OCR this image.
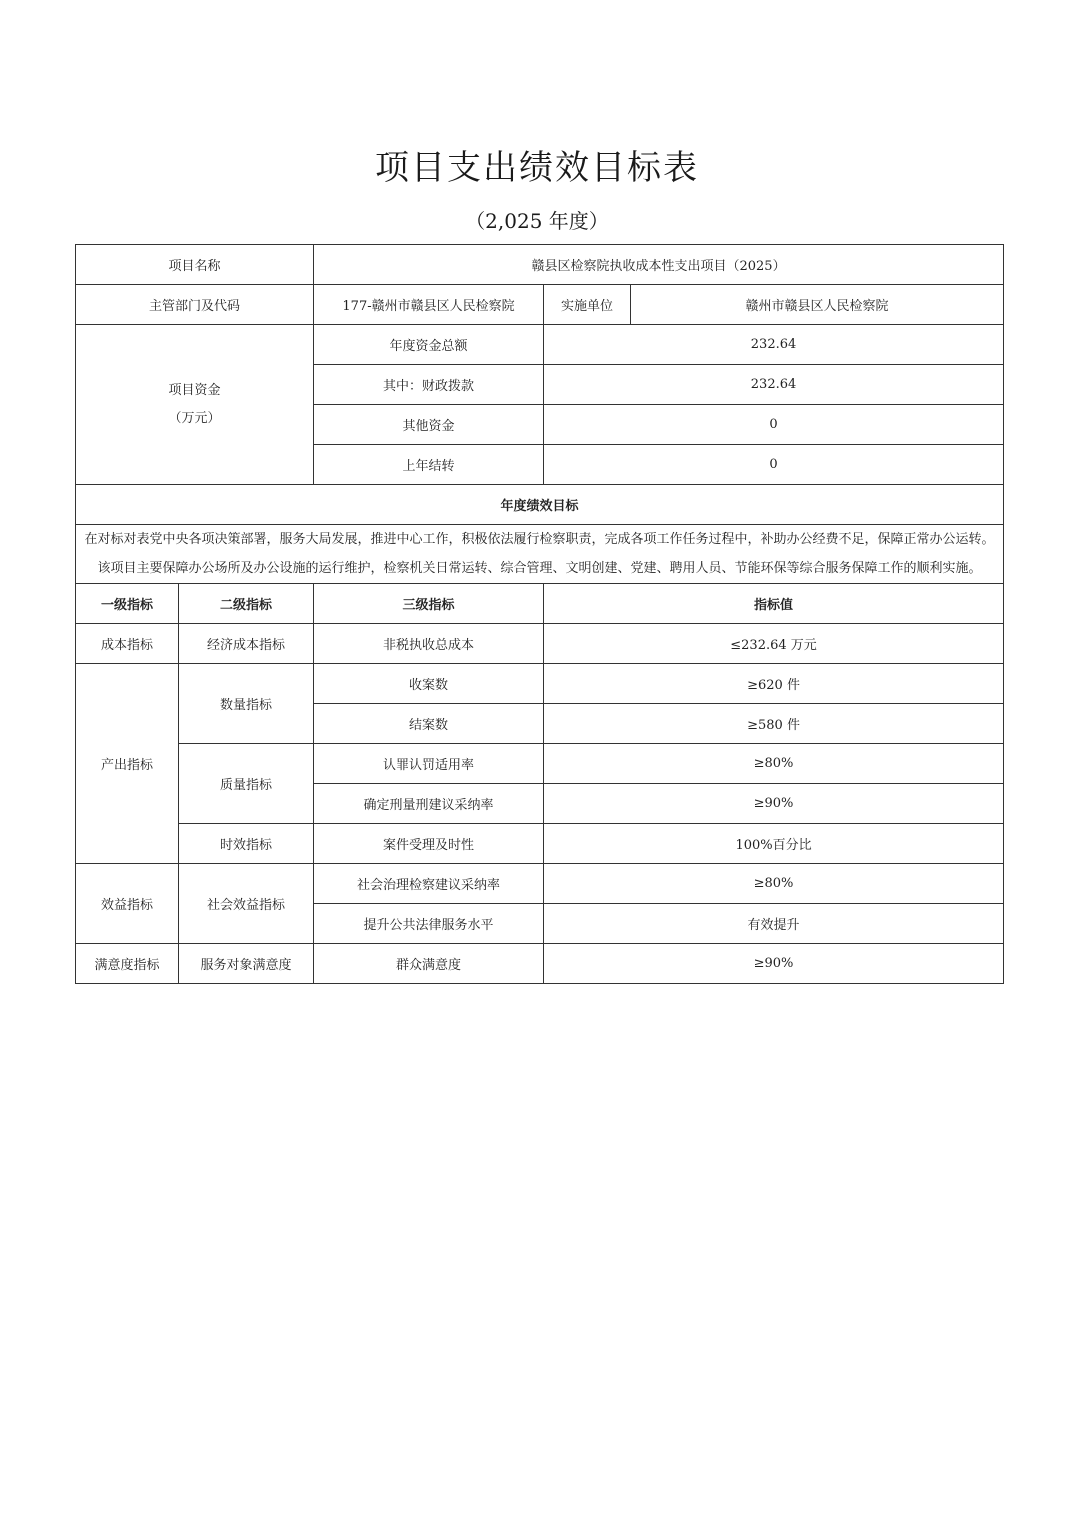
项目支出绩效目标表
（2,025 年度）
项目名称		赣县区检察院执收成本性支出项目（2025）		
主管部门及代码		177-赣州市赣县区人民检察院	实施单位	赣州市赣县区人民检察院

项目资金
（万元）		年度资金总额	232.64	
		其中：财政拨款	232.64	
		其他资金	0	
		上年结转	0	
年度绩效目标				
在对标对表党中央各项决策部署，服务大局发展，推进中心工作，积极依法履行检察职责，完成各项工作任务过程中，补助办公经费不足，保障正常办公运转。该项目主要保障办公场所及办公设施的运行维护，检察机关日常运转、综合管理、文明创建、党建、聘用人员、节能环保等综合服务保障工作的顺利实施。				
一级指标	二级指标	三级指标	指标值	
成本指标	经济成本指标	非税执收总成本	≤232.64 万元	
产出指标	数量指标	收案数	≥620 件	
		结案数	≥580 件	
	质量指标	认罪认罚适用率	≥80%	
		确定刑量刑建议采纳率	≥90%	
	时效指标	案件受理及时性	100%百分比	
效益指标	社会效益指标	社会治理检察建议采纳率	≥80%	
		提升公共法律服务水平	有效提升	
满意度指标	服务对象满意度	群众满意度	≥90%	
